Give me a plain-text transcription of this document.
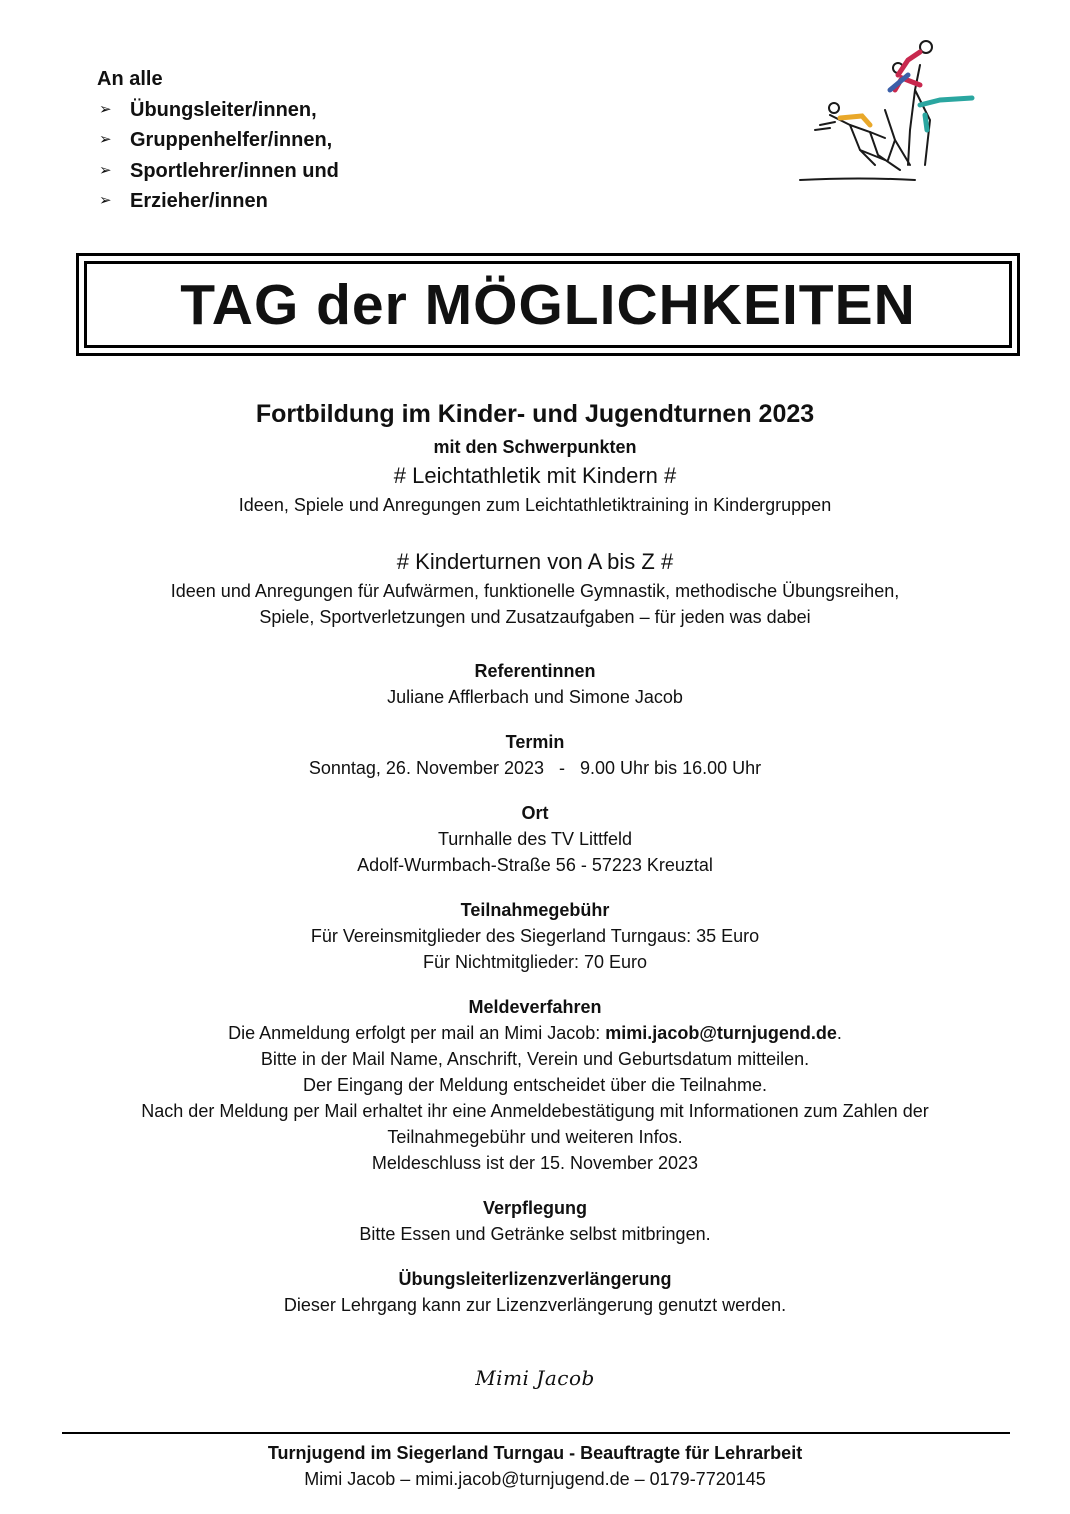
An alle
➢ Übungsleiter/innen,
➢ Gruppenhelfer/innen,
➢ Sportlehrer/innen und
➢ Erzieher/innen
TAG der MÖGLICHKEITEN

Fortbildung im Kinder- und Jugendturnen 2023

mit den Schwerpunkten

# Leichtathletik mit Kindern #

Ideen, Spiele und Anregungen zum Leichtathletiktraining in Kindergruppen

# Kinderturnen von A bis Z #

Ideen und Anregungen für Aufwärmen, funktionelle Gymnastik, methodische Übungsreihen,

Spiele, Sportverletzungen und Zusatzaufgaben – für jeden was dabei

Referentinnen

Juliane Afflerbach und Simone Jacob

Termin

Sonntag, 26. November 2023   -   9.00 Uhr bis 16.00 Uhr

Ort

Turnhalle des TV Littfeld

Adolf-Wurmbach-Straße 56 - 57223 Kreuztal

Teilnahmegebühr

Für Vereinsmitglieder des Siegerland Turngaus: 35 Euro

Für Nichtmitglieder: 70 Euro

Meldeverfahren

Die Anmeldung erfolgt per mail an Mimi Jacob: mimi.jacob@turnjugend.de.

Bitte in der Mail Name, Anschrift, Verein und Geburtsdatum mitteilen.

Der Eingang der Meldung entscheidet über die Teilnahme.

Nach der Meldung per Mail erhaltet ihr eine Anmeldebestätigung mit Informationen zum Zahlen der

Teilnahmegebühr und weiteren Infos.

Meldeschluss ist der 15. November 2023

Verpflegung

Bitte Essen und Getränke selbst mitbringen.

Übungsleiterlizenzverlängerung

Dieser Lehrgang kann zur Lizenzverlängerung genutzt werden.

Mimi Jacob
Turnjugend im Siegerland Turngau - Beauftragte für Lehrarbeit
Mimi Jacob – mimi.jacob@turnjugend.de – 0179-7720145
